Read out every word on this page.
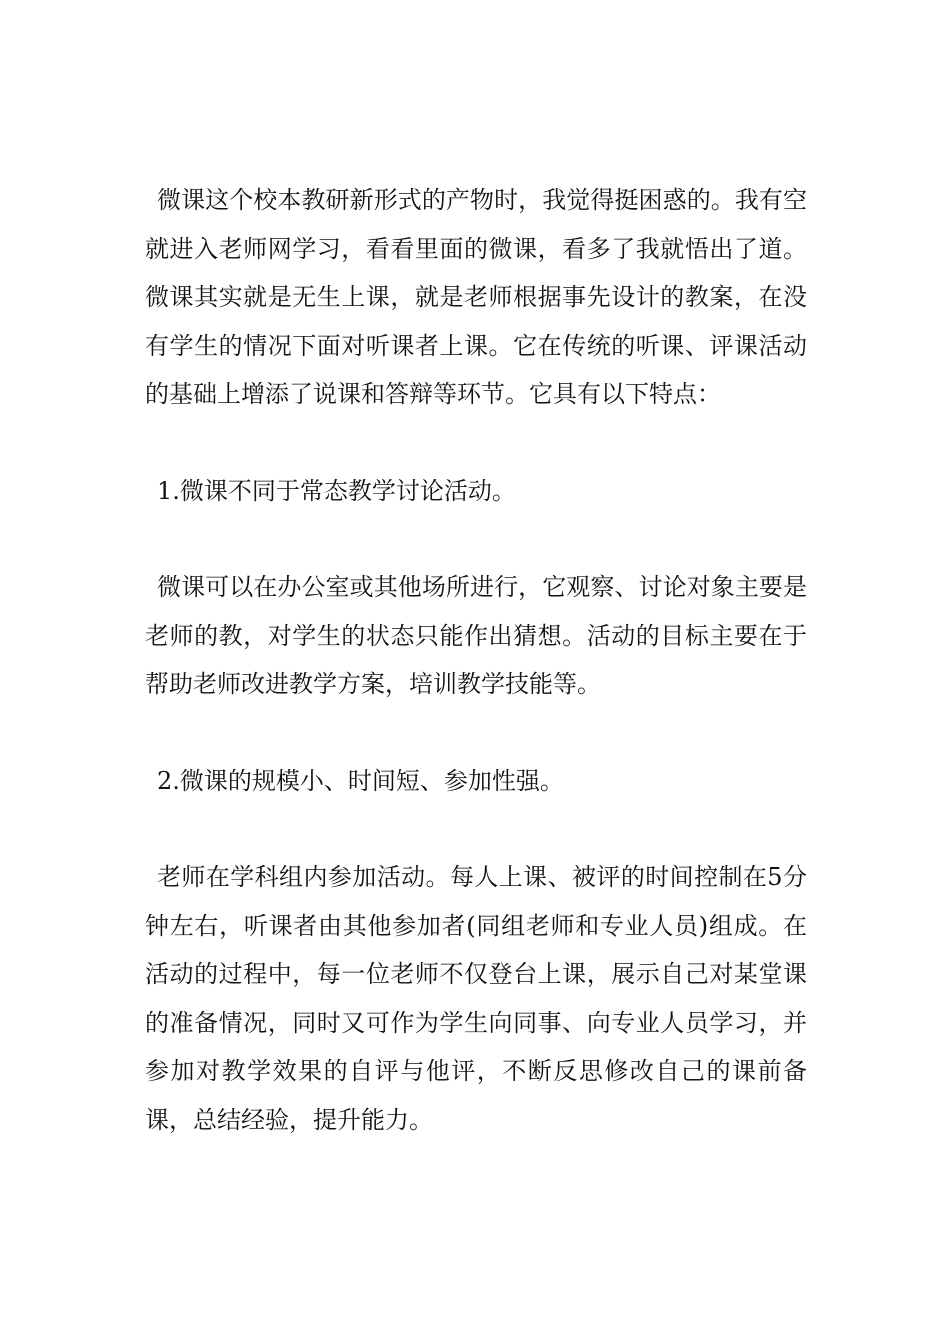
微课这个校本教研新形式的产物时，我觉得挺困惑的。我有空就进入老师网学习，看看里面的微课，看多了我就悟出了道。微课其实就是无生上课，就是老师根据事先设计的教案，在没有学生的情况下面对听课者上课。它在传统的听课、评课活动的基础上增添了说课和答辩等环节。它具有以下特点：

1.微课不同于常态教学讨论活动。

微课可以在办公室或其他场所进行，它观察、讨论对象主要是老师的教，对学生的状态只能作出猜想。活动的目标主要在于帮助老师改进教学方案，培训教学技能等。

2.微课的规模小、时间短、参加性强。

老师在学科组内参加活动。每人上课、被评的时间控制在5分钟左右，听课者由其他参加者(同组老师和专业人员)组成。在活动的过程中，每一位老师不仅登台上课，展示自己对某堂课的准备情况，同时又可作为学生向同事、向专业人员学习，并参加对教学效果的自评与他评，不断反思修改自己的课前备课，总结经验，提升能力。
